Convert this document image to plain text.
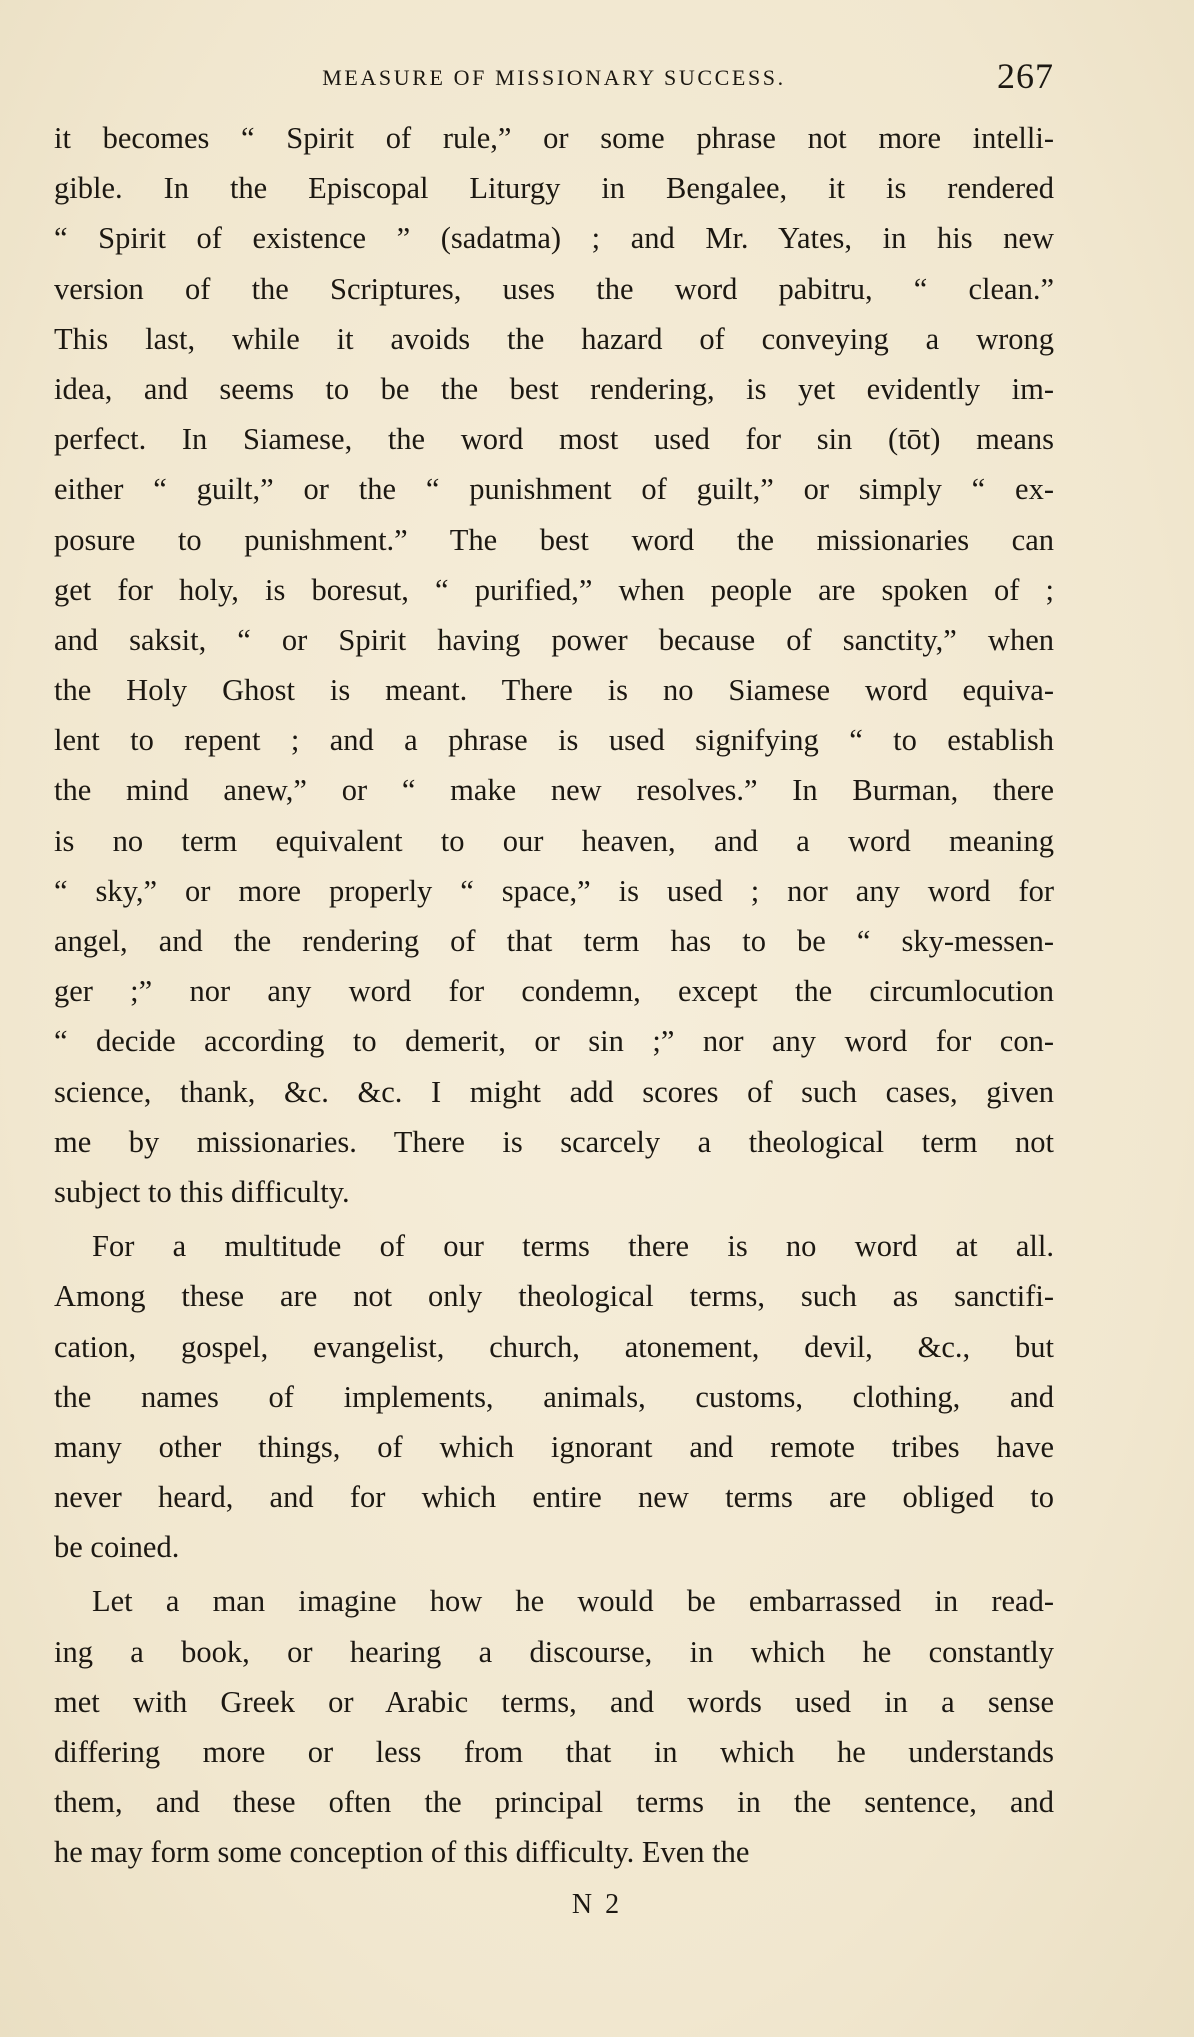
MEASURE OF MISSIONARY SUCCESS.	267
it becomes “ Spirit of rule,” or some phrase not more intelli-
gible. In the Episcopal Liturgy in Bengalee, it is rendered
“ Spirit of existence ” (sadatma) ; and Mr. Yates, in his new
version of the Scriptures, uses the word pabitru, “ clean.”
This last, while it avoids the hazard of conveying a wrong
idea, and seems to be the best rendering, is yet evidently im-
perfect. In Siamese, the word most used for sin (tōt) means
either “ guilt,” or the “ punishment of guilt,” or simply “ ex-
posure to punishment.” The best word the missionaries can
get for holy, is boresut, “ purified,” when people are spoken of ;
and saksit, “ or Spirit having power because of sanctity,” when
the Holy Ghost is meant. There is no Siamese word equiva-
lent to repent ; and a phrase is used signifying “ to establish
the mind anew,” or “ make new resolves.” In Burman, there
is no term equivalent to our heaven, and a word meaning
“ sky,” or more properly “ space,” is used ; nor any word for
angel, and the rendering of that term has to be “ sky-messen-
ger ;” nor any word for condemn, except the circumlocution
“ decide according to demerit, or sin ;” nor any word for con-
science, thank, &c. &c. I might add scores of such cases, given
me by missionaries. There is scarcely a theological term not
subject to this difficulty.
For a multitude of our terms there is no word at all.
Among these are not only theological terms, such as sanctifi-
cation, gospel, evangelist, church, atonement, devil, &c., but
the names of implements, animals, customs, clothing, and
many other things, of which ignorant and remote tribes have
never heard, and for which entire new terms are obliged to
be coined.
Let a man imagine how he would be embarrassed in read-
ing a book, or hearing a discourse, in which he constantly
met with Greek or Arabic terms, and words used in a sense
differing more or less from that in which he understands
them, and these often the principal terms in the sentence, and
he may form some conception of this difficulty. Even the
N 2
